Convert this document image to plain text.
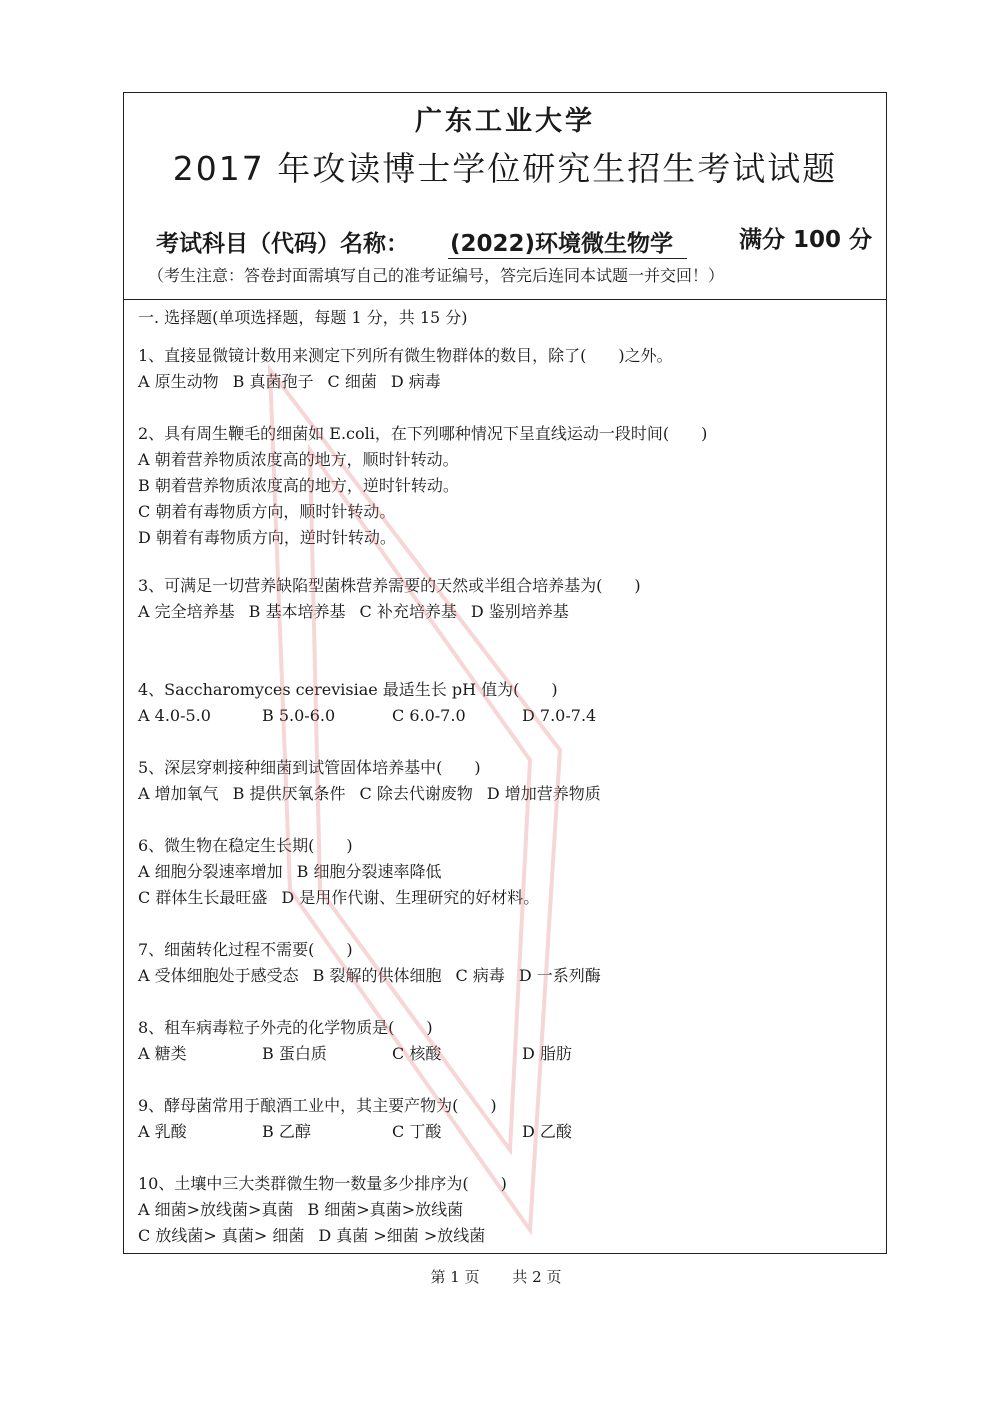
广东工业大学
2017 年攻读博士学位研究生招生考试试题
考试科目（代码）名称： (2022)环境微生物学	满分 100 分
（考生注意：答卷封面需填写自己的准考证编号，答完后连同本试题一并交回！）
一. 选择题(单项选择题，每题 1 分，共 15 分)
1、直接显微镜计数用来测定下列所有微生物群体的数目，除了(　　)之外。
A 原生动物 B 真菌孢子 C 细菌 D 病毒
2、具有周生鞭毛的细菌如 E.coli，在下列哪种情况下呈直线运动一段时间(　　)
A 朝着营养物质浓度高的地方，顺时针转动。
B 朝着营养物质浓度高的地方，逆时针转动。
C 朝着有毒物质方向，顺时针转动。
D 朝着有毒物质方向，逆时针转动。
3、可满足一切营养缺陷型菌株营养需要的天然或半组合培养基为(　　)
A 完全培养基 B 基本培养基 C 补充培养基 D 鉴别培养基
4、Saccharomyces cerevisiae 最适生长 pH 值为(　　)
A 4.0-5.0	B 5.0-6.0	C 6.0-7.0	D 7.0-7.4
5、深层穿刺接种细菌到试管固体培养基中(　　)
A 增加氧气 B 提供厌氧条件 C 除去代谢废物 D 增加营养物质
6、微生物在稳定生长期(　　)
A 细胞分裂速率增加 B 细胞分裂速率降低
C 群体生长最旺盛 D 是用作代谢、生理研究的好材料。
7、细菌转化过程不需要(　　)
A 受体细胞处于感受态 B 裂解的供体细胞 C 病毒 D 一系列酶
8、租车病毒粒子外壳的化学物质是(　　)
A 糖类	B 蛋白质	C 核酸	D 脂肪
9、酵母菌常用于酿酒工业中，其主要产物为(　　)
A 乳酸	B 乙醇	C 丁酸	D 乙酸
10、土壤中三大类群微生物一数量多少排序为(　　)
A 细菌>放线菌>真菌 B 细菌>真菌>放线菌
C 放线菌> 真菌> 细菌 D 真菌 >细菌 >放线菌
第 1 页 共 2 页
